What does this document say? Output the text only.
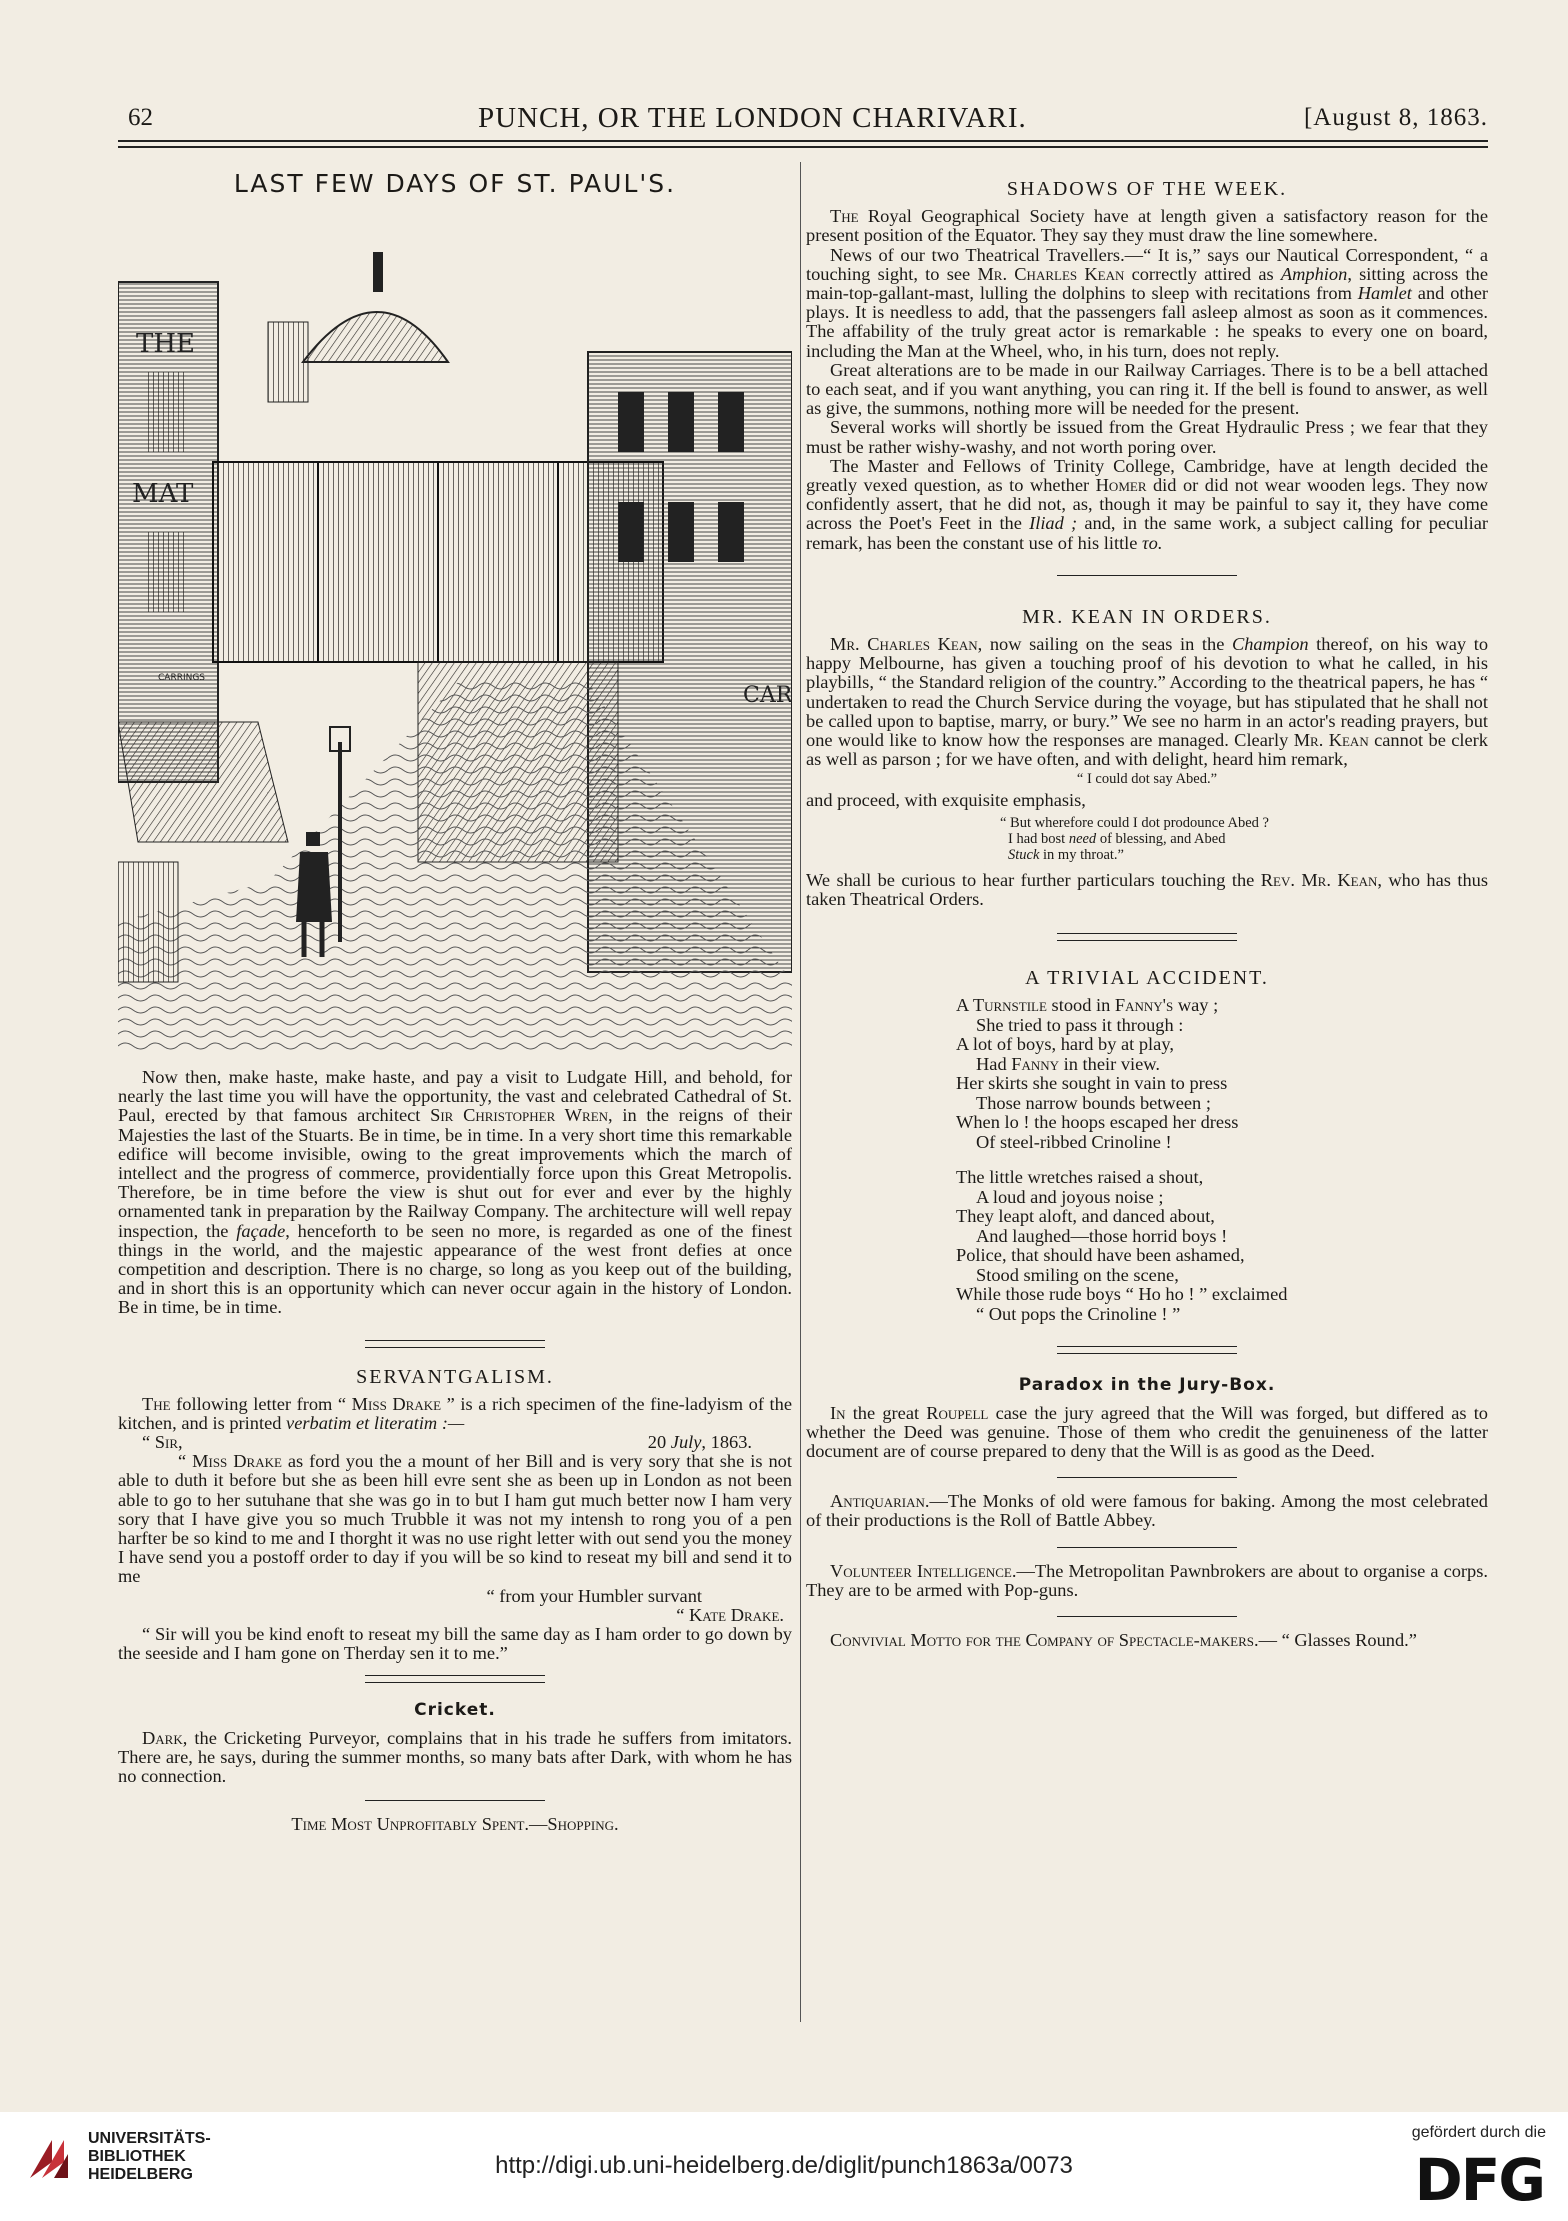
62	PUNCH, OR THE LONDON CHARIVARI.	[August 8, 1863.
LAST FEW DAYS OF ST. PAUL'S.
THE
MAT
CARRINGS
CAR

Now then, make haste, make haste, and pay a visit to Ludgate Hill, and behold, for nearly the last time you will have the opportunity, the vast and celebrated Cathedral of St. Paul, erected by that famous architect Sir Christopher Wren, in the reigns of their Majesties the last of the Stuarts. Be in time, be in time. In a very short time this remarkable edifice will become invisible, owing to the great improvements which the march of intellect and the progress of commerce, providentially force upon this Great Metropolis. Therefore, be in time before the view is shut out for ever and ever by the highly ornamented tank in preparation by the Railway Company. The architecture will well repay inspection, the façade, henceforth to be seen no more, is regarded as one of the finest things in the world, and the majestic appearance of the west front defies at once competition and description. There is no charge, so long as you keep out of the building, and in short this is an opportunity which can never occur again in the history of London. Be in time, be in time.

SERVANTGALISM.

The following letter from “ Miss Drake ” is a rich specimen of the fine-ladyism of the kitchen, and is printed verbatim et literatim :—

“ Sir,	20 July, 1863.

“ Miss Drake as ford you the a mount of her Bill and is very sory that she is not able to duth it before but she as been hill evre sent she as been up in London as not been able to go to her sutuhane that she was go in to but I ham gut much better now I ham very sory that I have give you so much Trubble it was not my intensh to rong you of a pen harfter be so kind to me and I thorght it was no use right letter with out send you the money I have send you a postoff order to day if you will be so kind to reseat my bill and send it to me

“ from your Humbler survant
“ Kate Drake.

“ Sir will you be kind enoft to reseat my bill the same day as I ham order to go down by the seeside and I ham gone on Therday sen it to me.”

Cricket.

Dark, the Cricketing Purveyor, complains that in his trade he suffers from imitators. There are, he says, during the summer months, so many bats after Dark, with whom he has no connection.

Time Most Unprofitably Spent.—Shopping.
SHADOWS OF THE WEEK.

The Royal Geographical Society have at length given a satisfactory reason for the present position of the Equator. They say they must draw the line somewhere.

News of our two Theatrical Travellers.—“ It is,” says our Nautical Correspondent, “ a touching sight, to see Mr. Charles Kean correctly attired as Amphion, sitting across the main-top-gallant-mast, lulling the dolphins to sleep with recitations from Hamlet and other plays. It is needless to add, that the passengers fall asleep almost as soon as it commences. The affability of the truly great actor is remarkable : he speaks to every one on board, including the Man at the Wheel, who, in his turn, does not reply.

Great alterations are to be made in our Railway Carriages. There is to be a bell attached to each seat, and if you want anything, you can ring it. If the bell is found to answer, as well as give, the summons, nothing more will be needed for the present.

Several works will shortly be issued from the Great Hydraulic Press ; we fear that they must be rather wishy-washy, and not worth poring over.

The Master and Fellows of Trinity College, Cambridge, have at length decided the greatly vexed question, as to whether Homer did or did not wear wooden legs. They now confidently assert, that he did not, as, though it may be painful to say it, they have come across the Poet's Feet in the Iliad ; and, in the same work, a subject calling for peculiar remark, has been the constant use of his little το.

MR. KEAN IN ORDERS.

Mr. Charles Kean, now sailing on the seas in the Champion thereof, on his way to happy Melbourne, has given a touching proof of his devotion to what he called, in his playbills, “ the Standard religion of the country.” According to the theatrical papers, he has “ undertaken to read the Church Service during the voyage, but has stipulated that he shall not be called upon to baptise, marry, or bury.” We see no harm in an actor's reading prayers, but one would like to know how the responses are managed. Clearly Mr. Kean cannot be clerk as well as parson ; for we have often, and with delight, heard him remark,

“ I could dot say Abed.”

and proceed, with exquisite emphasis,

“ But wherefore could I dot prodounce Abed ?
I had bost need of blessing, and Abed
Stuck in my throat.”

We shall be curious to hear further particulars touching the Rev. Mr. Kean, who has thus taken Theatrical Orders.

A TRIVIAL ACCIDENT.
A Turnstile stood in Fanny's way ;
She tried to pass it through :
A lot of boys, hard by at play,
Had Fanny in their view.
Her skirts she sought in vain to press
Those narrow bounds between ;
When lo ! the hoops escaped her dress
Of steel-ribbed Crinoline !
The little wretches raised a shout,
A loud and joyous noise ;
They leapt aloft, and danced about,
And laughed—those horrid boys !
Police, that should have been ashamed,
Stood smiling on the scene,
While those rude boys “ Ho ho ! ” exclaimed
“ Out pops the Crinoline ! ”
Paradox in the Jury-Box.

In the great Roupell case the jury agreed that the Will was forged, but differed as to whether the Deed was genuine. Those of them who credit the genuineness of the latter document are of course prepared to deny that the Will is as good as the Deed.

Antiquarian.—The Monks of old were famous for baking. Among the most celebrated of their productions is the Roll of Battle Abbey.

Volunteer Intelligence.—The Metropolitan Pawnbrokers are about to organise a corps. They are to be armed with Pop-guns.

Convivial Motto for the Company of Spectacle-makers.— “ Glasses Round.”

UNIVERSITÄTS-
BIBLIOTHEK
HEIDELBERG	http://digi.ub.uni-heidelberg.de/diglit/punch1863a/0073
gefördert durch die
DFG
